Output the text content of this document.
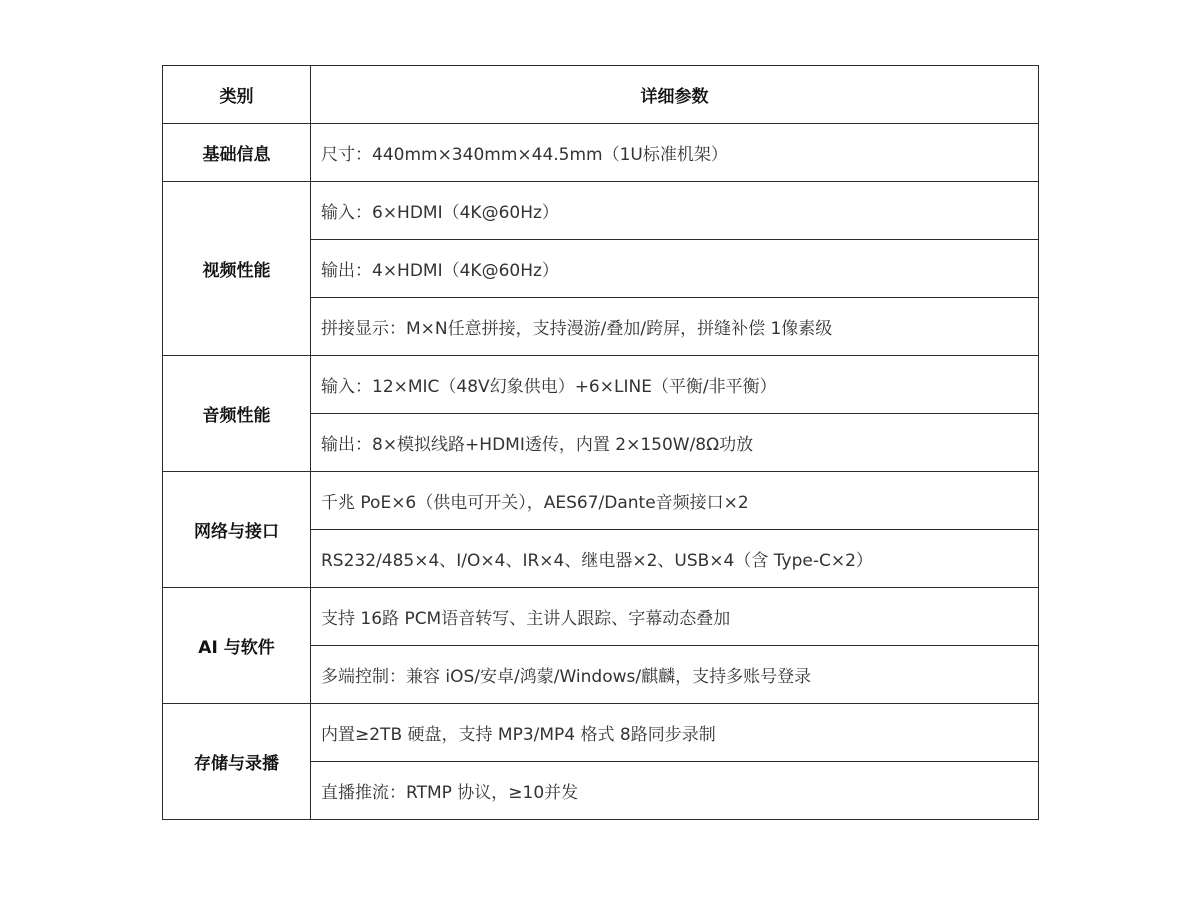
类别	详细参数
基础信息	尺寸：440mm×340mm×44.5mm（1U标准机架）
视频性能	输入：6×HDMI（4K@60Hz）
	输出：4×HDMI（4K@60Hz）
	拼接显示：M×N任意拼接，支持漫游/叠加/跨屏，拼缝补偿 1像素级
音频性能	输入：12×MIC（48V幻象供电）+6×LINE（平衡/非平衡）
	输出：8×模拟线路+HDMI透传，内置 2×150W/8Ω功放
网络与接口	千兆 PoE×6（供电可开关），AES67/Dante音频接口×2
	RS232/485×4、I/O×4、IR×4、继电器×2、USB×4（含 Type-C×2）
AI 与软件	支持 16路 PCM语音转写、主讲人跟踪、字幕动态叠加
	多端控制：兼容 iOS/安卓/鸿蒙/Windows/麒麟，支持多账号登录
存储与录播	内置≥2TB 硬盘，支持 MP3/MP4 格式 8路同步录制
	直播推流：RTMP 协议，≥10并发
